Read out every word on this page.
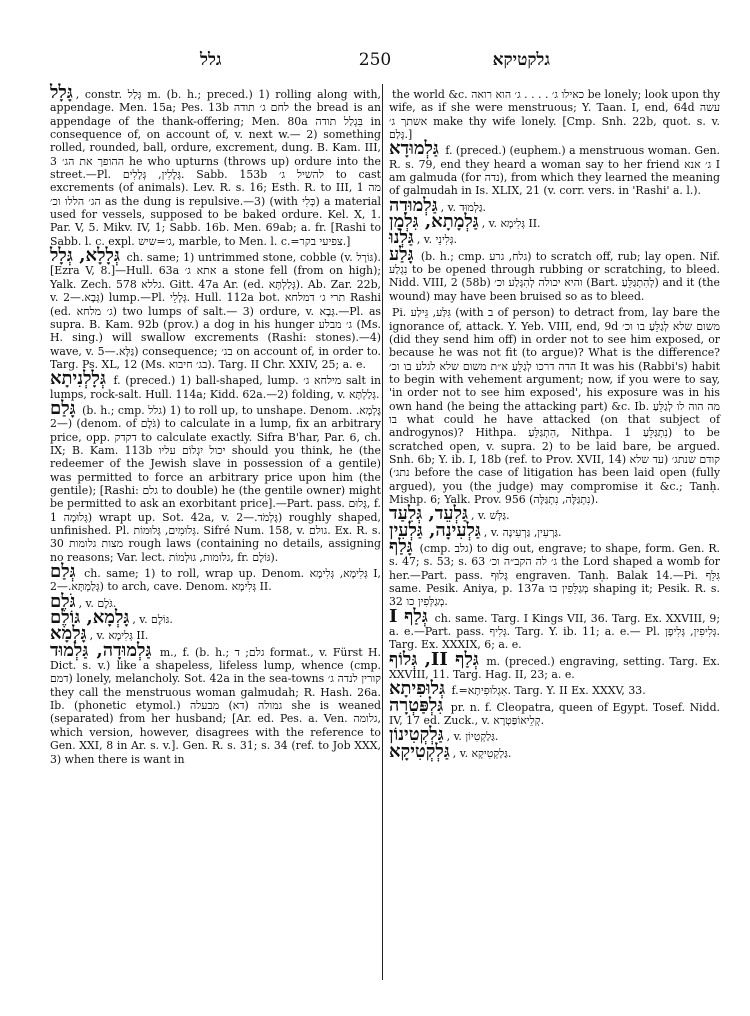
גלל	250	גלקטיקא

גָּלָל , constr. גְּלַל m. (b. h.; preced.) 1) rolling along with, appendage. Men. 15a; Pes. 13b לחם ג׳ תודה the bread is an appendage of the thank-offering; Men. 80a בִּגְלַל תודה in consequence of, on account of, v. next w.— 2) something rolled, rounded, ball, ordure, excrement, dung. B. Kam. III, 3 ההופך את הג׳ he who upturns (throws up) ordure into the street.—Pl. גְּלָלִין, גְּלָלִים. Sabb. 153b להשיל ג׳ to cast excrements (of animals). Lev. R. s. 16; Esth. R. to III, 1 מה הג׳ הללו וכ׳ as the dung is repulsive.—3) (with כְּלִי) a material used for vessels, supposed to be baked ordure. Kel. X, 1. Par. V, 5. Mikv. IV, 1; Sabb. 16b. Men. 69ab; a. fr. [Rashi to Sabb. l. c. expl. ג׳=שיש, marble, to Men. l. c.=צפיעי בקר.]

גְּלָלָא, גְּלָל ch. same; 1) untrimmed stone, cobble (v. גּוֹרָל). [Ezra V, 8.]—Hull. 63a אתא ג׳ a stone fell (from on high); Yalk. Zech. 578 גללא. Gitt. 47a Ar. (ed. גְּלַלְתָּא). Ab. Zar. 22b, v. גְּבָא.—2) lump.—Pl. גְּלָלֵי. Hull. 112a bot. תרי ג׳ דמלחא Rashi (ed. ג׳ מלחא) two lumps of salt.— 3) ordure, v. גְּבָא.—Pl. as supra. B. Kam. 92b (prov.) a dog in his hunger ג׳ מבלע (Ms. H. sing.) will swallow excrements (Rashi: stones).—4) wave, v. גַּלָּא.—5) consequence; בג׳ on account of, in order to. Targ. Ps. XL, 12 (Ms. בג׳ חיבוא). Targ. II Chr. XXIV, 25; a. e.

גְּלָלְנִיתָא f. (preced.) 1) ball-shaped, lump. מילחא ג׳ salt in lumps, rock-salt. Hull. 114a; Kidd. 62a.—2) folding, v. גְּלַלְתָּא.

גָּלַם (b. h.; cmp. גלל) 1) to roll up, to unshape. Denom. גָּלְמָא.—2) (denom. of גֹּלֶם) to calculate in a lump, fix an arbitrary price, opp. דקדק to calculate exactly. Sifra B'har, Par. 6, ch. IX; B. Kam. 113b יכול יִגְלוֹם עליו should you think, he (the redeemer of the Jewish slave in possession of a gentile) was permitted to force an arbitrary price upon him (the gentile); [Rashi: גלם to double) he (the gentile owner) might be permitted to ask an exorbitant price].—Part. pass. גָּלוּם, f. גְּלוּמָה 1) wrapt up. Sot. 42a, v. גָּלְמֹד.—2) roughly shaped, unfinished. Pl. גְּלוּמִים, גְּלוּמוֹת. Sifré Num. 158, v. גולם. Ex. R. s. 30 מצות גלומות rough laws (containing no details, assigning no reasons; Var. lect. גלומות, גוּלְמוֹת, fr. גּוֹלֶם).

גְּלַם ch. same; 1) to roll, wrap up. Denom. גְּלִימָא, גְּלִימָא I, גְּלַמְתָּא.—2) to arch, cave. Denom. גְּלִימָא II.

גֹּלֶם , v. גֹּלֶם.

גָּלְמָא, גּוֹלֶם , v. גּוֹלֶם.

גָּלְמָא , v. גְּלִימָא II.

גַּלְמוּדָה, גַּלְמוּד m., f. (b. h.; גלם; ד format., v. Fürst H. Dict. s. v.) like a shapeless, lifeless lump, whence (cmp. דמם) lonely, melancholy. Sot. 42a in the sea-towns קורין לנדה ג׳ they call the menstruous woman galmudah; R. Hash. 26a. Ib. (phonetic etymol.) גמולה (דא) מבעלה she is weaned (separated) from her husband; [Ar. ed. Pes. a. Ven. גלומה, which version, however, disagrees with the reference to Gen. XXI, 8 in Ar. s. v.]. Gen. R. s. 31; s. 34 (ref. to Job XXX, 3) when there is want in

the world &c. כאילו ג׳ . . . . ג׳ הוא רואה be lonely; look upon thy wife, as if she were menstruous; Y. Taan. I, end, 64d עשה אשתך ג׳ make thy wife lonely. [Cmp. Snh. 22b, quot. s. v. גָּלַם.]

גַּלְמוּדָא f. (preced.) (euphem.) a menstruous woman. Gen. R. s. 79, end they heard a woman say to her friend ג׳ אנא I am galmuda (for נדה), from which they learned the meaning of galmudah in Is. XLIX, 21 (v. corr. vers. in 'Rashi' a. l.).

גַּלְמוּדָה , v. גַּלְמוּד.

גַּלְמָתָא, גִּלְמָן , v. גְּלִימָא II.

גַּלְנוּ , v. גְּלִינֵי.

גָּלַע (b. h.; cmp. גלח, גרע) to scratch off, rub; lay open. Nif. נִגְלַע to be opened through rubbing or scratching, to bleed. Nidd. VIII, 2 (58b) והיא יכולה לְהִגָּלַע וכ׳ (Bart. לְהִתְגַּלֵּעַ) and it (the wound) may have been bruised so as to bleed.

Pi. גִּלַּע, גֵּילַע (with ב of person) to detract from, lay bare the ignorance of, attack. Y. Yeb. VIII, end, 9d משום שלא לְגַלֵּעַ בו וכ׳ (did they send him off) in order not to see him exposed, or because he was not fit (to argue)? What is the difference? הדה דרכו לְגַלֵּעַ א״ת משום שלא לגלע בו וכ׳ It was his (Rabbi's) habit to begin with vehement argument; now, if you were to say, 'in order not to see him exposed', his exposure was in his own hand (he being the attacking part) &c. Ib. מה הוה לו לְגַלֵּעַ בו what could he have attacked (on that subject of androgynos)? Hithpa. הִתְגַּלֵּעַ, Nithpa. נִתְגַּלֵּעַ 1) to be scratched open, v. supra. 2) to be laid bare, be argued. Snh. 6b; Y. ib. I, 18b (ref. to Prov. XVII, 14) קודם שנתג׳ (עד שלא נתג׳) before the case of litigation has been laid open (fully argued), you (the judge) may compromise it &c.; Tanḥ. Mishp. 6; Yalk. Prov. 956 (נִתְגַּלֶּה, נִתְגַּלֶּה).

גַּלְעֵד, גְּלֵעַד , v. גַּלְּשׁ.

גַּלְעִינָה, גַּלְעִין , v. גַּרְעִין, גַּרְעִינָה.

גָּלַף (cmp. גלב) to dig out, engrave; to shape, form. Gen. R. s. 47; s. 53; s. 63 ג׳ לה הקב״ה וכ׳ the Lord shaped a womb for her.—Part. pass. גָּלוּף engraven. Tanḥ. Balak 14.—Pi. גִּלֵּף same. Pesik. Aniya, p. 137a מְגַלֵּפִין בו shaping it; Pesik. R. s. 32 מְגַלְּפִין כו.

גְּלַף I ch. same. Targ. I Kings VII, 36. Targ. Ex. XXVIII, 9; a. e.—Part. pass. גְּלִיף. Targ. Y. ib. 11; a. e.— Pl. גְּלִיפִין, גְּלִיפָן. Targ. Ex. XXXIX, 6; a. e.

גְּלַף II, גְּלוֹף m. (preced.) engraving, setting. Targ. Ex. XXVIII, 11. Targ. Hag. II, 23; a. e.

גְּלוּפִיתָא f.=אִגְלוּפִיתָא. Targ. Y. II Ex. XXXV, 33.

גִּלְפַּטְרָה pr. n. f. Cleopatra, queen of Egypt. Tosef. Nidd. IV, 17 ed. Zuck., v. קְלֵיאוֹפַּטְרָא.

גַּלְקְטִינוֹן , v. גַּלַקְטִיוֹן.

גַּלְקְטִיקָא , v. גַּלַקְטִיקָא.
